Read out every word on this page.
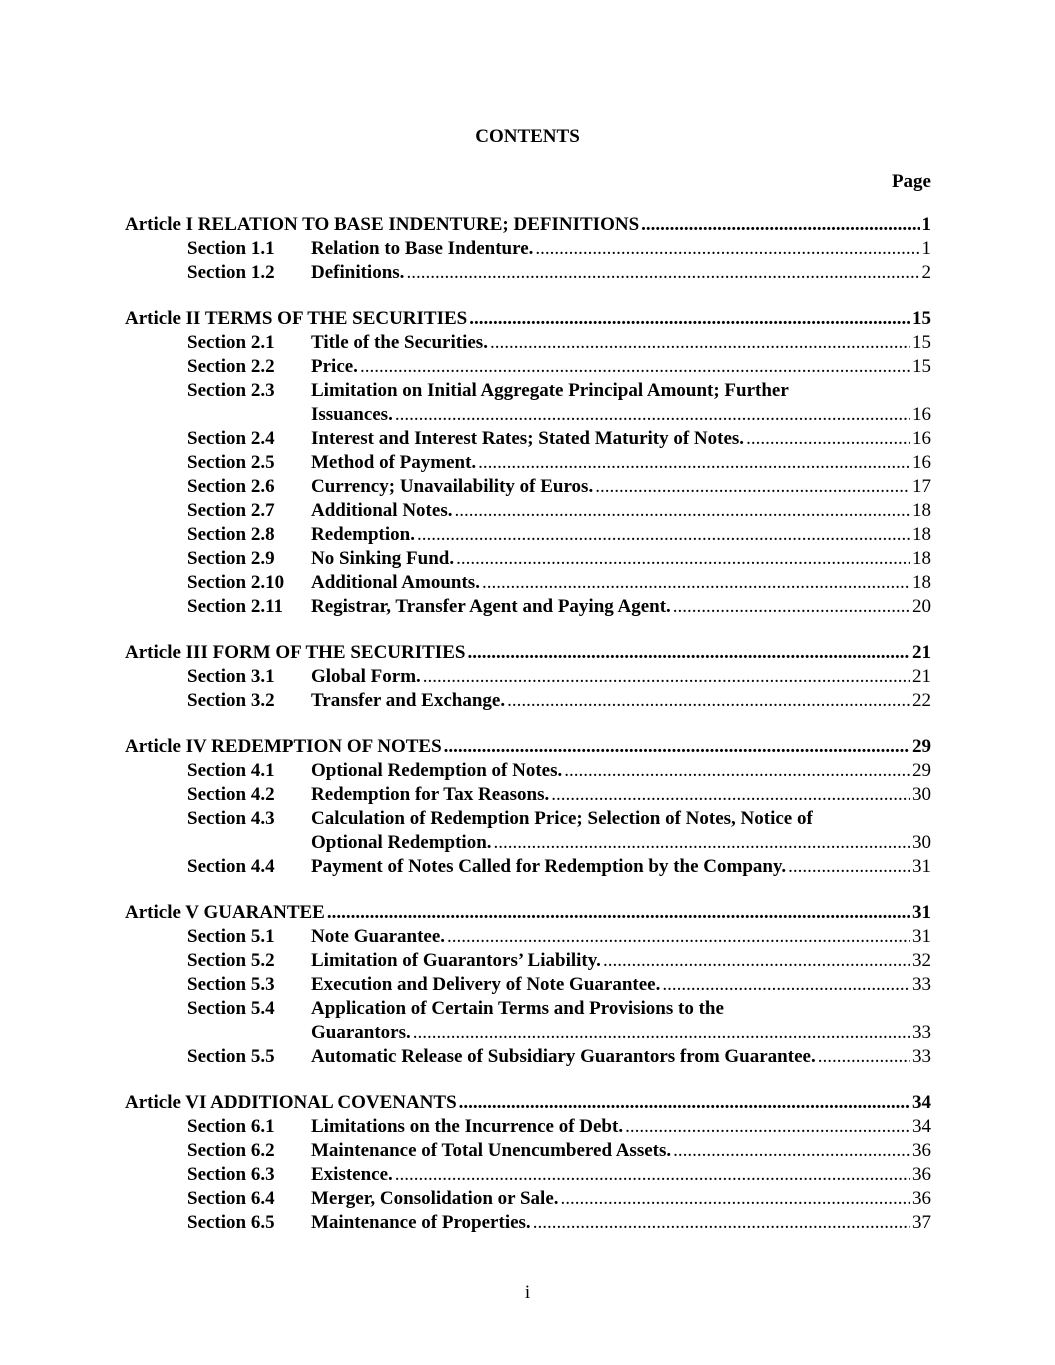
CONTENTS
Page
Article I RELATION TO BASE INDENTURE; DEFINITIONS .....	1
Section 1.1	Relation to Base Indenture. .....	1
Section 1.2	Definitions. .....	2
Article II TERMS OF THE SECURITIES .....	15
Section 2.1	Title of the Securities. .....	15
Section 2.2	Price. .....	15
Section 2.3	Limitation on Initial Aggregate Principal Amount; Further
Issuances. .....	16
Section 2.4	Interest and Interest Rates; Stated Maturity of Notes. .....	16
Section 2.5	Method of Payment. .....	16
Section 2.6	Currency; Unavailability of Euros. .....	17
Section 2.7	Additional Notes. .....	18
Section 2.8	Redemption. .....	18
Section 2.9	No Sinking Fund. .....	18
Section 2.10	Additional Amounts. .....	18
Section 2.11	Registrar, Transfer Agent and Paying Agent. .....	20
Article III FORM OF THE SECURITIES .....	21
Section 3.1	Global Form. .....	21
Section 3.2	Transfer and Exchange. .....	22
Article IV REDEMPTION OF NOTES .....	29
Section 4.1	Optional Redemption of Notes. .....	29
Section 4.2	Redemption for Tax Reasons. .....	30
Section 4.3	Calculation of Redemption Price; Selection of Notes, Notice of
Optional Redemption. .....	30
Section 4.4	Payment of Notes Called for Redemption by the Company. .....	31
Article V GUARANTEE .....	31
Section 5.1	Note Guarantee. .....	31
Section 5.2	Limitation of Guarantors’ Liability. .....	32
Section 5.3	Execution and Delivery of Note Guarantee. .....	33
Section 5.4	Application of Certain Terms and Provisions to the
Guarantors. .....	33
Section 5.5	Automatic Release of Subsidiary Guarantors from Guarantee. .....	33
Article VI ADDITIONAL COVENANTS .....	34
Section 6.1	Limitations on the Incurrence of Debt. .....	34
Section 6.2	Maintenance of Total Unencumbered Assets. .....	36
Section 6.3	Existence. .....	36
Section 6.4	Merger, Consolidation or Sale. .....	36
Section 6.5	Maintenance of Properties. .....	37
i
